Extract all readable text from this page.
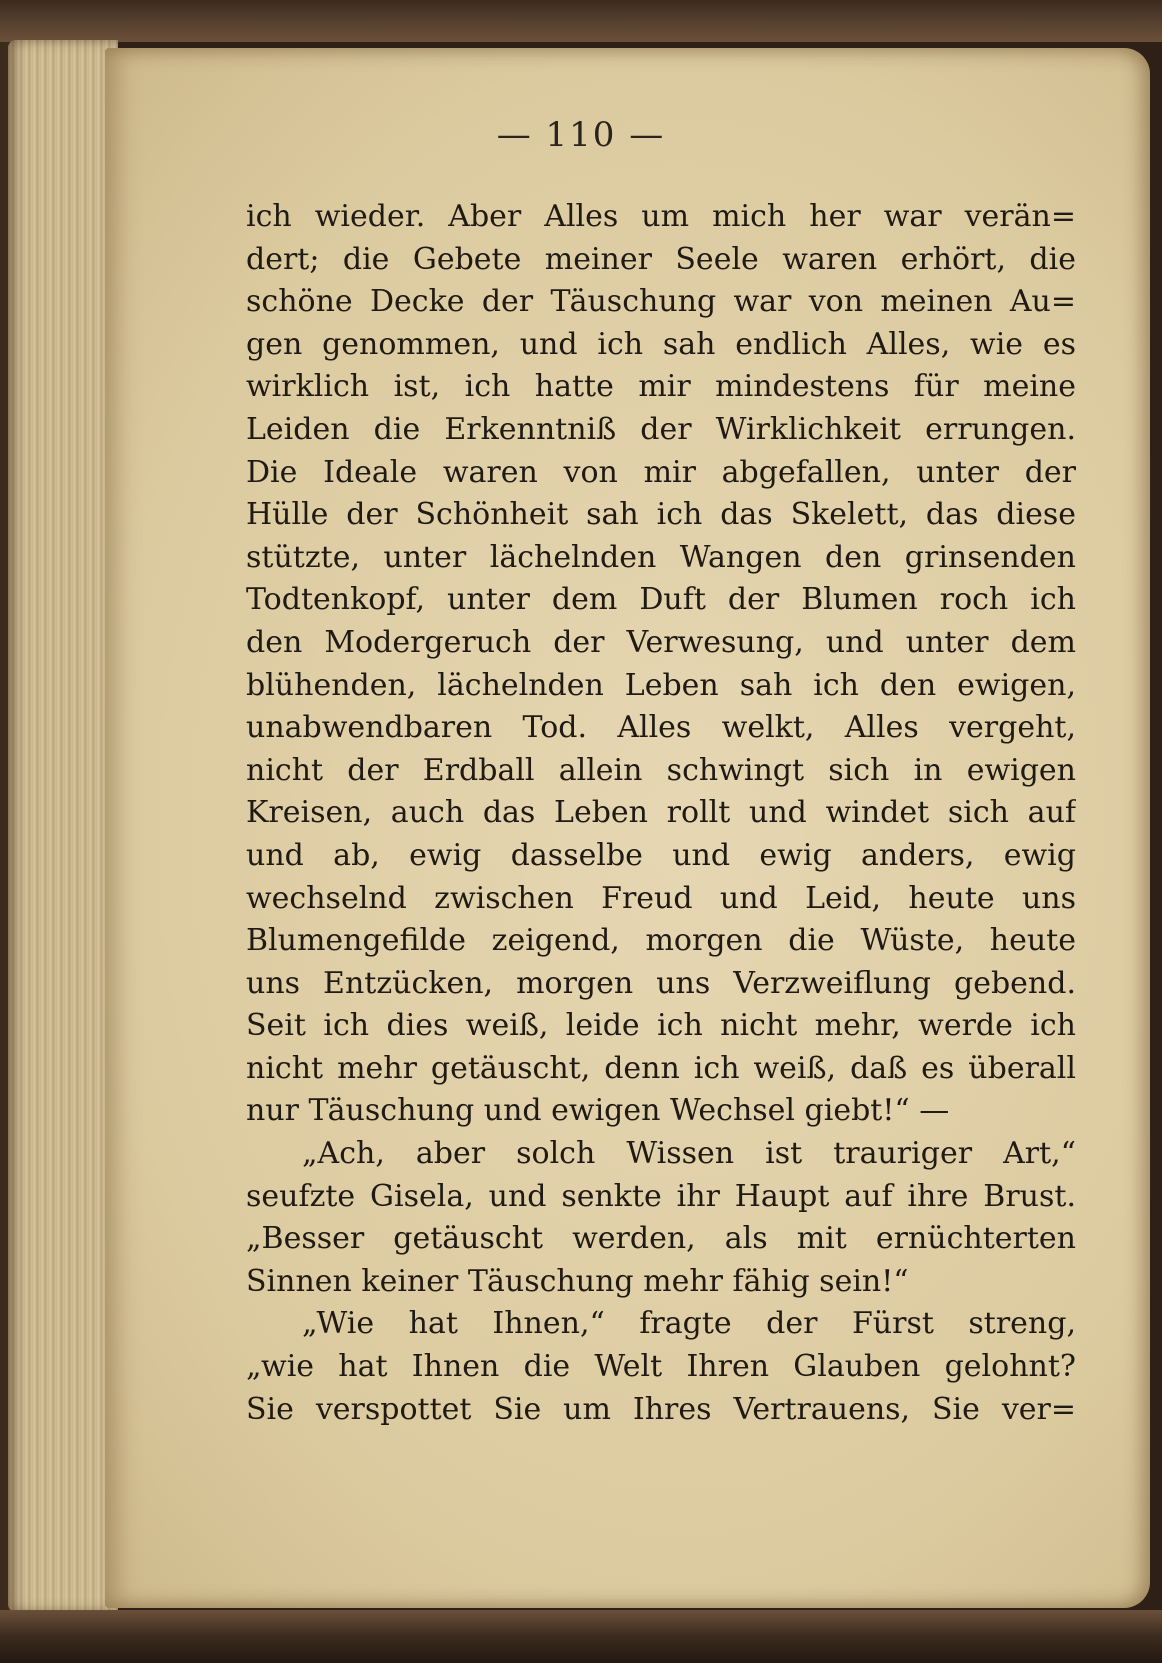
— 110 —
ich wieder. Aber Alles um mich her war verän=
dert; die Gebete meiner Seele waren erhört, die
schöne Decke der Täuschung war von meinen Au=
gen genommen, und ich sah endlich Alles, wie es
wirklich ist, ich hatte mir mindestens für meine
Leiden die Erkenntniß der Wirklichkeit errungen.
Die Ideale waren von mir abgefallen, unter der
Hülle der Schönheit sah ich das Skelett, das diese
stützte, unter lächelnden Wangen den grinsenden
Todtenkopf, unter dem Duft der Blumen roch ich
den Modergeruch der Verwesung, und unter dem
blühenden, lächelnden Leben sah ich den ewigen,
unabwendbaren Tod. Alles welkt, Alles vergeht,
nicht der Erdball allein schwingt sich in ewigen
Kreisen, auch das Leben rollt und windet sich auf
und ab, ewig dasselbe und ewig anders, ewig
wechselnd zwischen Freud und Leid, heute uns
Blumengefilde zeigend, morgen die Wüste, heute
uns Entzücken, morgen uns Verzweiflung gebend.
Seit ich dies weiß, leide ich nicht mehr, werde ich
nicht mehr getäuscht, denn ich weiß, daß es überall
nur Täuschung und ewigen Wechsel giebt!“ —
„Ach, aber solch Wissen ist trauriger Art,“
seufzte Gisela, und senkte ihr Haupt auf ihre Brust.
„Besser getäuscht werden, als mit ernüchterten
Sinnen keiner Täuschung mehr fähig sein!“
„Wie hat Ihnen,“ fragte der Fürst streng,
„wie hat Ihnen die Welt Ihren Glauben gelohnt?
Sie verspottet Sie um Ihres Vertrauens, Sie ver=
